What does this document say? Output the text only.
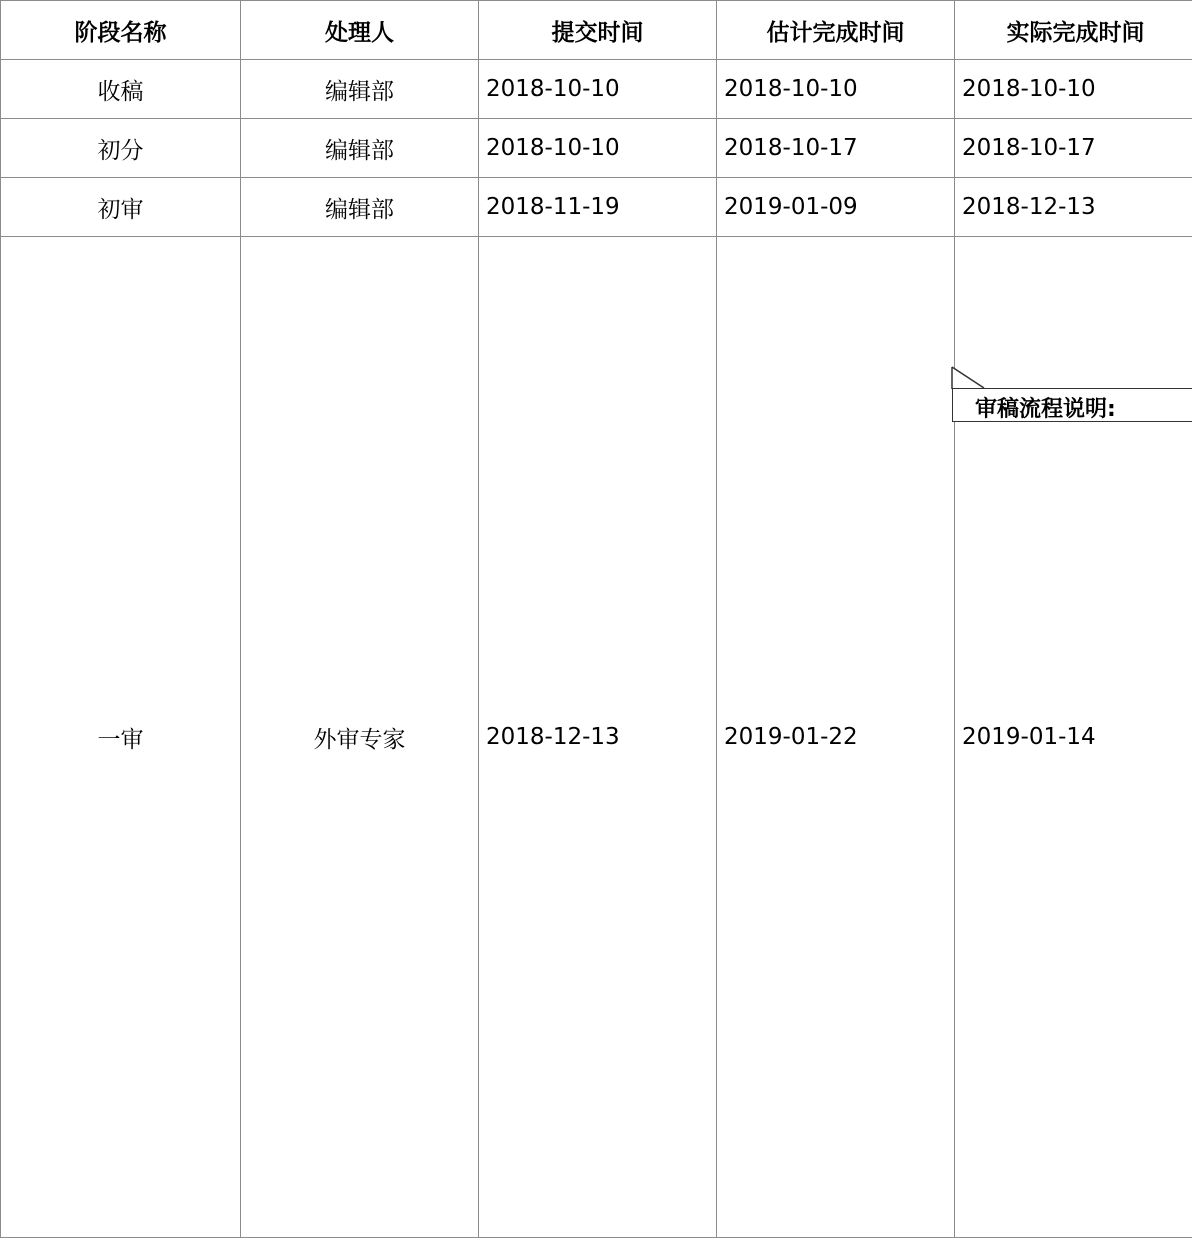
阶段名称	处理人	提交时间	估计完成时间	实际完成时间
收稿	编辑部	2018-10-10	2018-10-10	2018-10-10
初分	编辑部	2018-10-10	2018-10-17	2018-10-17
初审	编辑部	2018-11-19	2019-01-09	2018-12-13
一审	外审专家	2018-12-13	2019-01-22	2019-01-14
审稿流程说明:
